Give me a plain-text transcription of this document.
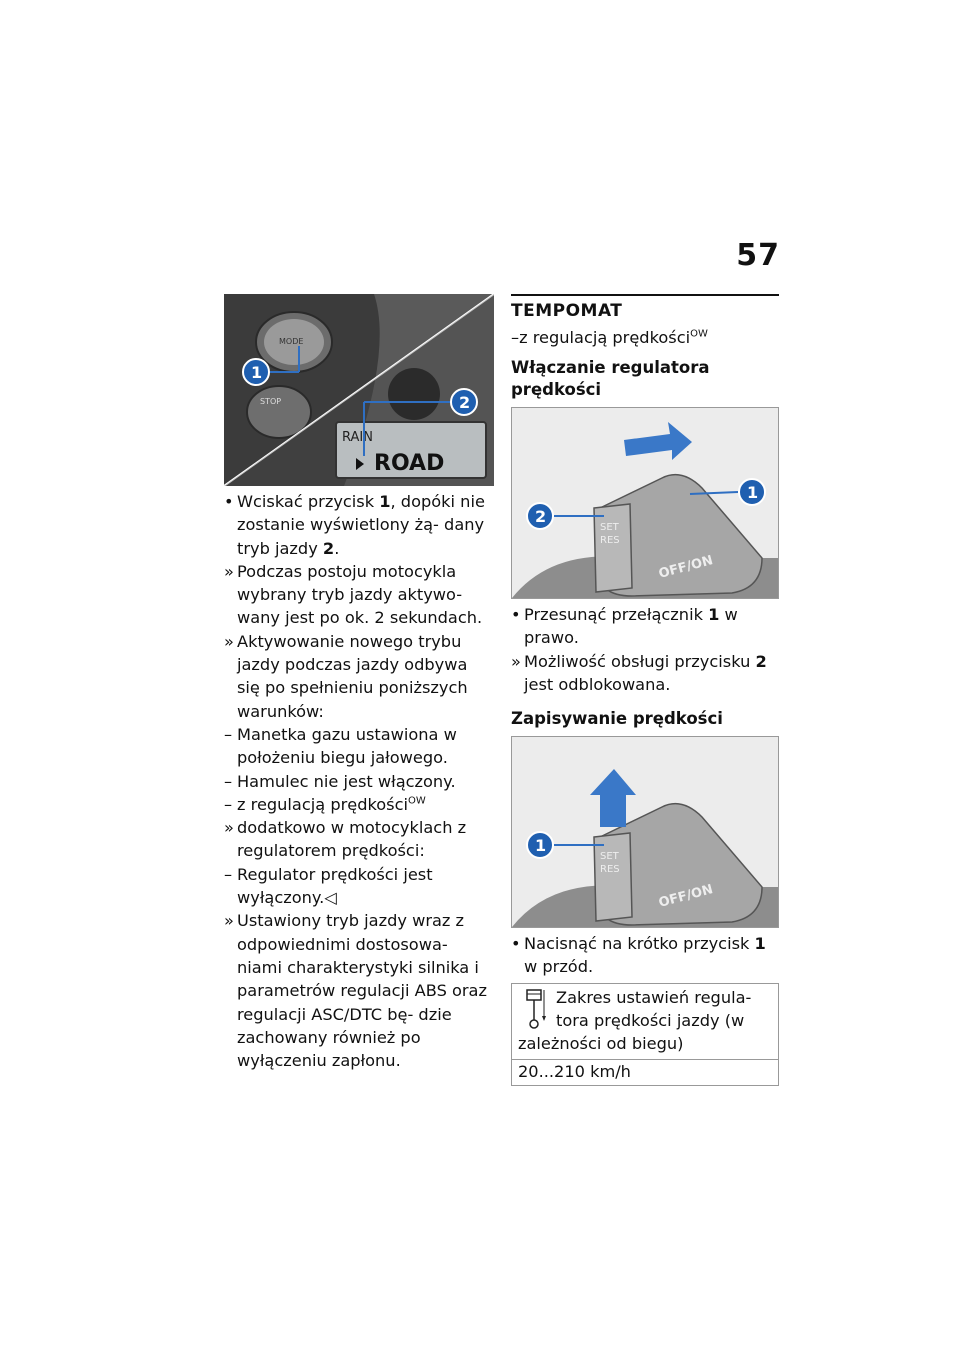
57
MODE
STOP
RAIN
ROAD
1
2

• Wciskać przycisk 1, dopóki nie zostanie wyświetlony żą- dany tryb jazdy 2.

» Podczas postoju motocykla wybrany tryb jazdy aktywo- wany jest po ok. 2 sekundach.

» Aktywowanie nowego trybu jazdy podczas jazdy odbywa się po spełnieniu poniższych warunków:

– Manetka gazu ustawiona w położeniu biegu jałowego.

– Hamulec nie jest włączony.

– z regulacją prędkości$^{OW}$

» dodatkowo w motocyklach z regulatorem prędkości:

– Regulator prędkości jest wyłączony.◁

» Ustawiony tryb jazdy wraz z odpowiednimi dostosowa- niami charakterystyki silnika i parametrów regulacji ABS oraz regulacji ASC/DTC bę- dzie zachowany również po wyłączeniu zapłonu.

TEMPOMAT

–z regulacją prędkości$^{OW}$

Włączanie regulatora prędkości

SET
RES
OFF/ON
1
2

• Przesunąć przełącznik 1 w prawo.

» Możliwość obsługi przycisku 2 jest odblokowana.

Zapisywanie prędkości

SET
RES
OFF/ON
1

• Nacisnąć na krótko przycisk 1 w przód.

Zakres ustawień regula- tora prędkości jazdy (w zależności od biegu)
20...210 km/h
